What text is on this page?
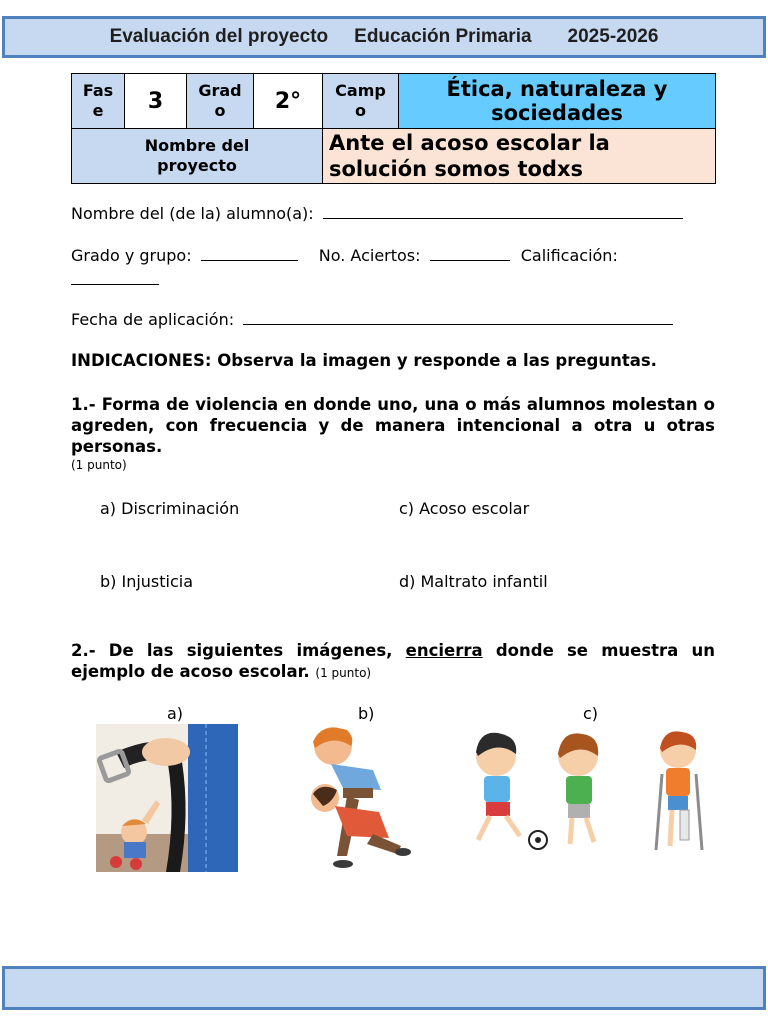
Evaluación del proyecto Educación Primaria 2025-2026
Fase	3	Grado	2°	Campo	Ética, naturaleza y sociedades
Nombre del proyecto				Ante el acoso escolar la solución somos todxs	
Nombre del (de la) alumno(a):
Grado y grupo:	No. Aciertos:	Calificación:
Fecha de aplicación:
INDICACIONES: Observa la imagen y responde a las preguntas.
1.- Forma de violencia en donde uno, una o más alumnos molestan o agreden, con frecuencia y de manera intencional a otra u otras personas.
(1 punto)
a) Discriminación	c) Acoso escolar
b) Injusticia	d) Maltrato infantil
2.- De las siguientes imágenes, encierra donde se muestra un ejemplo de acoso escolar. (1 punto)
a)	b)	c)
